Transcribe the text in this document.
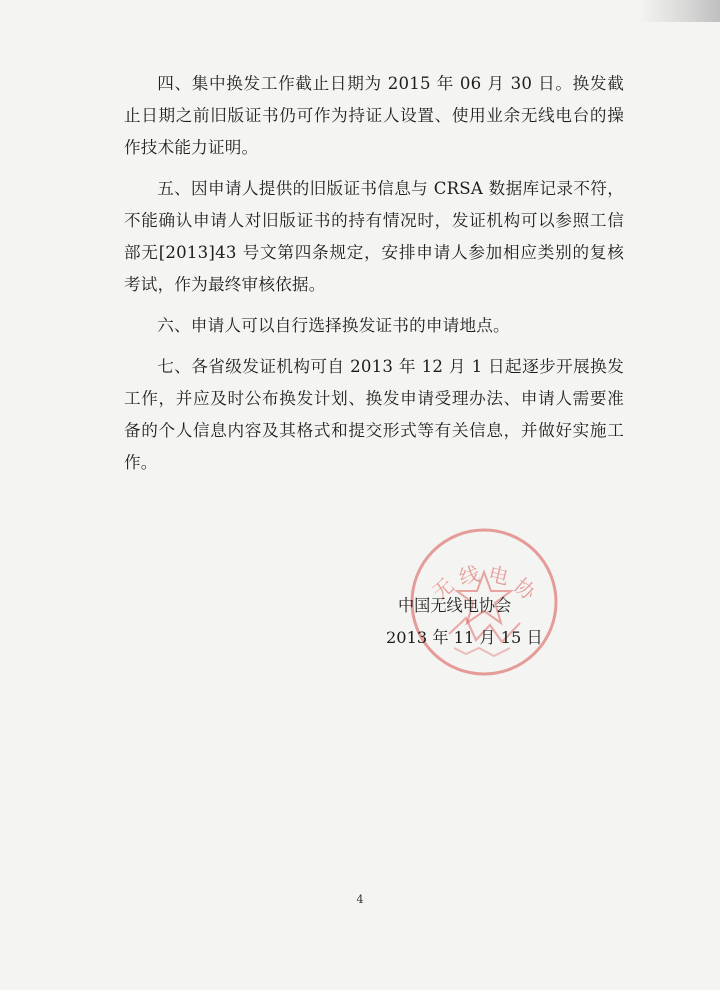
四、集中换发工作截止日期为 2015 年 06 月 30 日。换发截止日期之前旧版证书仍可作为持证人设置、使用业余无线电台的操作技术能力证明。

五、因申请人提供的旧版证书信息与 CRSA 数据库记录不符，不能确认申请人对旧版证书的持有情况时，发证机构可以参照工信部无[2013]43 号文第四条规定，安排申请人参加相应类别的复核考试，作为最终审核依据。

六、申请人可以自行选择换发证书的申请地点。

七、各省级发证机构可自 2013 年 12 月 1 日起逐步开展换发工作，并应及时公布换发计划、换发申请受理办法、申请人需要准备的个人信息内容及其格式和提交形式等有关信息，并做好实施工作。

无 线 电 协
中国无线电协会
2013 年 11 月 15 日
4
